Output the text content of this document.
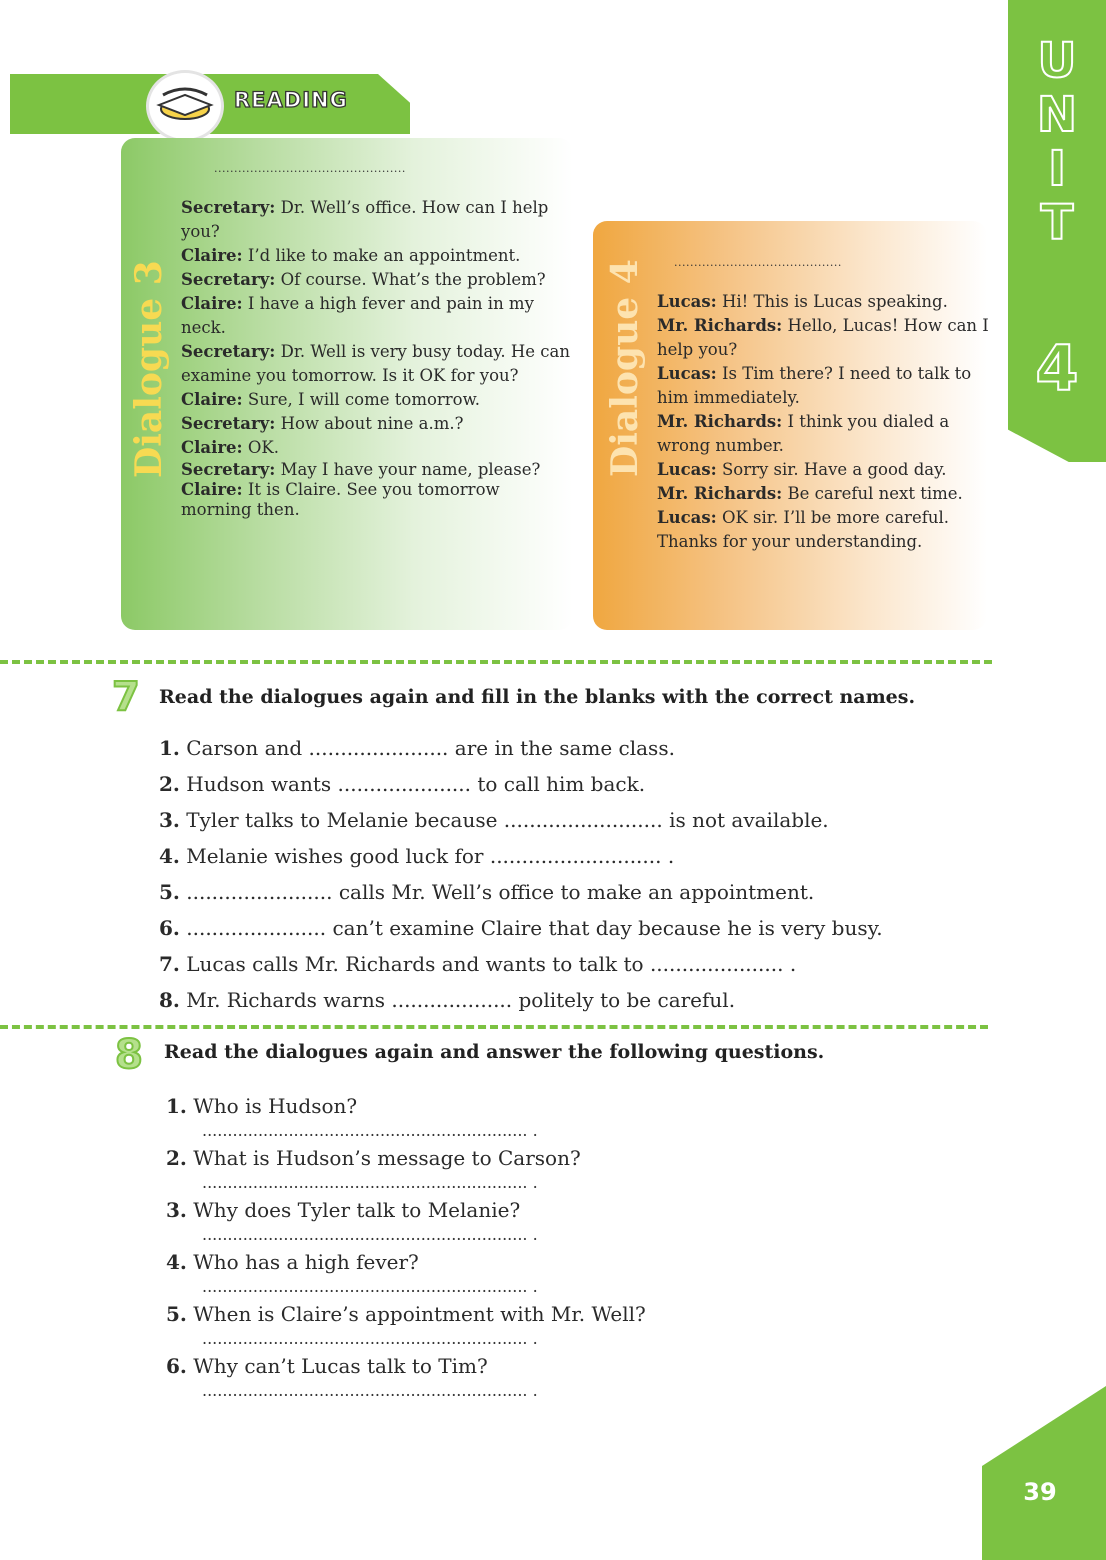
READING
U
N
I
T
4
Dialogue 3
................................................

Secretary: Dr. Well’s office. How can I help you?

Claire: I’d like to make an appointment.

Secretary: Of course. What’s the problem?

Claire: I have a high fever and pain in my neck.

Secretary: Dr. Well is very busy today. He can examine you tomorrow. Is it OK for you?

Claire: Sure, I will come tomorrow.

Secretary: How about nine a.m.?

Claire: OK.

Secretary: May I have your name, please?

Claire: It is Claire. See you tomorrow morning then.

Dialogue 4	..........................................

Lucas: Hi! This is Lucas speaking.

Mr. Richards: Hello, Lucas! How can I help you?

Lucas: Is Tim there? I need to talk to him immediately.

Mr. Richards: I think you dialed a wrong number.

Lucas: Sorry sir. Have a good day.

Mr. Richards: Be careful next time.

Lucas: OK sir. I’ll be more careful. Thanks for your understanding.

7 Read the dialogues again and fill in the blanks with the correct names.
1. Carson and ...................... are in the same class.
2. Hudson wants ..................... to call him back.
3. Tyler talks to Melanie because ......................... is not available.
4. Melanie wishes good luck for ........................... .
5. ....................... calls Mr. Well’s office to make an appointment.
6. ...................... can’t examine Claire that day because he is very busy.
7. Lucas calls Mr. Richards and wants to talk to ..................... .
8. Mr. Richards warns ................... politely to be careful.
8 Read the dialogues again and answer the following questions.
1. Who is Hudson?
................................................................ .
2. What is Hudson’s message to Carson?
................................................................ .
3. Why does Tyler talk to Melanie?
................................................................ .
4. Who has a high fever?
................................................................ .
5. When is Claire’s appointment with Mr. Well?
................................................................ .
6. Why can’t Lucas talk to Tim?
................................................................ .
39
